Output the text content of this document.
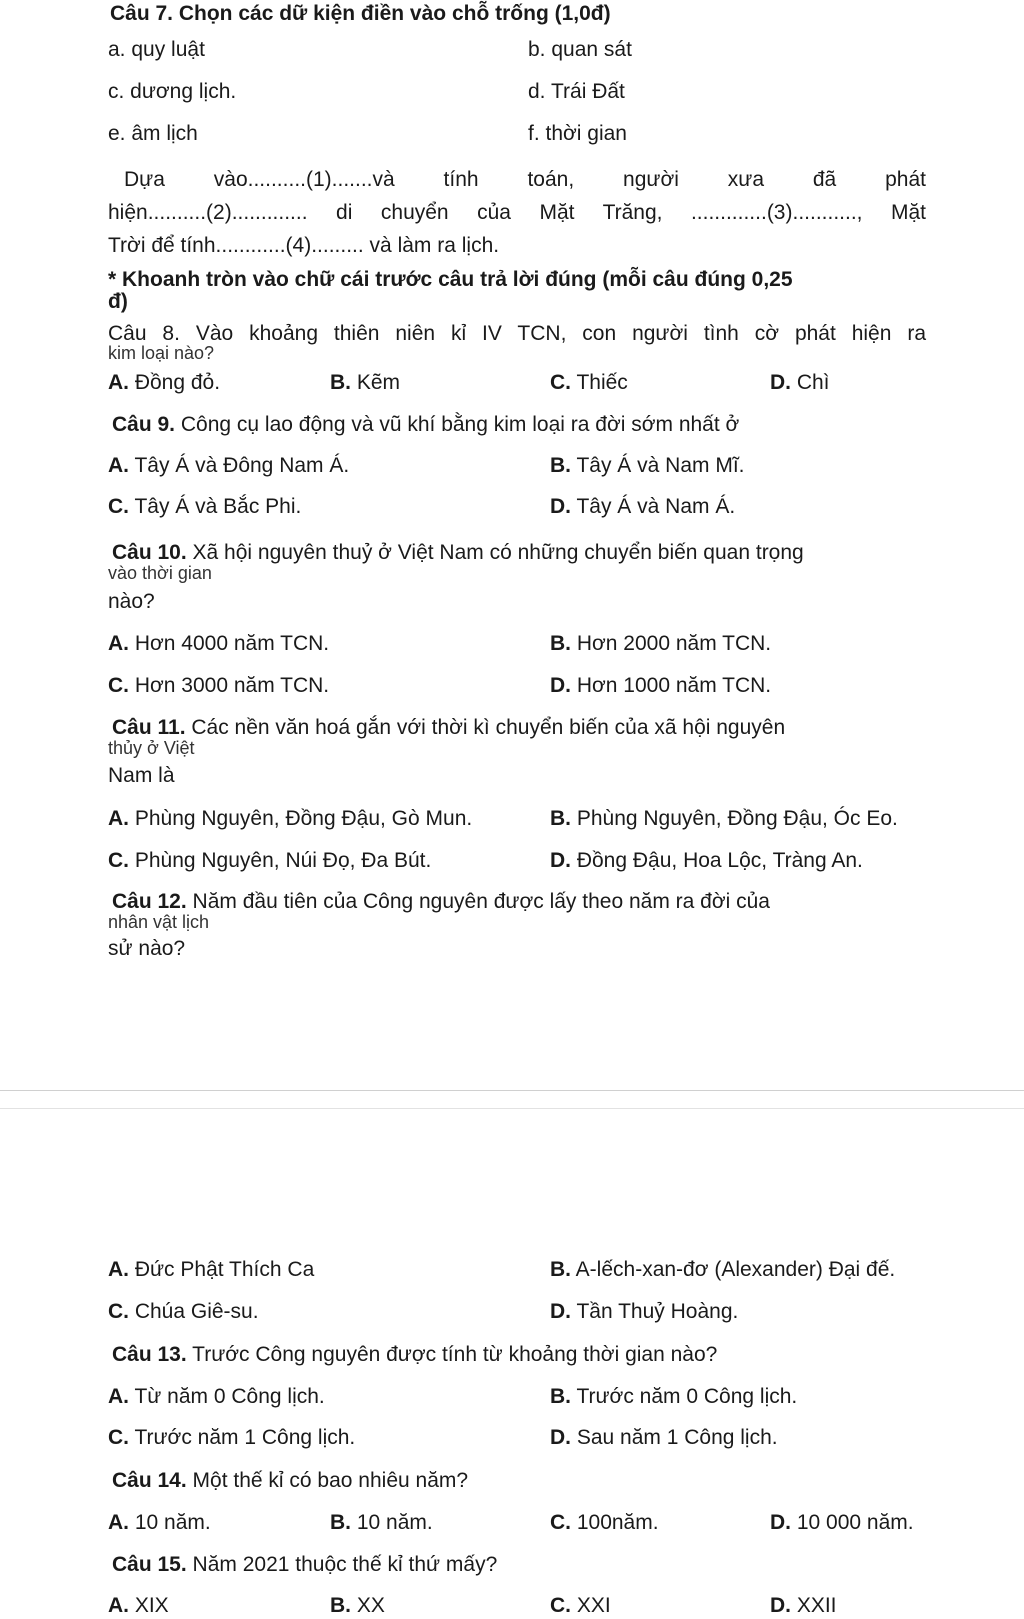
Câu 7. Chọn các dữ kiện điền vào chỗ trống (1,0đ)
a. quy luật	b. quan sát
c. dương lịch.	d. Trái Đất
e. âm lịch	f. thời gian
Dựa vào..........(1).......và tính toán, người xưa đã phát
hiện..........(2)............. di chuyển của Mặt Trăng, .............(3)..........., Mặt
Trời để tính............(4)......... và làm ra lịch.
* Khoanh tròn vào chữ cái trước câu trả lời đúng (mỗi câu đúng 0,25
đ)
Câu 8. Vào khoảng thiên niên kỉ IV TCN, con người tình cờ phát hiện ra
kim loại nào?
A. Đồng đỏ.	B. Kẽm	C. Thiếc	D. Chì
Câu 9. Công cụ lao động và vũ khí bằng kim loại ra đời sớm nhất ở
A. Tây Á và Đông Nam Á.	B. Tây Á và Nam Mĩ.
C. Tây Á và Bắc Phi.	D. Tây Á và Nam Á.
Câu 10. Xã hội nguyên thuỷ ở Việt Nam có những chuyển biến quan trọng
vào thời gian
nào?
A. Hơn 4000 năm TCN.	B. Hơn 2000 năm TCN.
C. Hơn 3000 năm TCN.	D. Hơn 1000 năm TCN.
Câu 11. Các nền văn hoá gắn với thời kì chuyển biến của xã hội nguyên
thủy ở Việt
Nam là
A. Phùng Nguyên, Đồng Đậu, Gò Mun.	B. Phùng Nguyên, Đồng Đậu, Óc Eo.
C. Phùng Nguyên, Núi Đọ, Đa Bút.	D. Đồng Đậu, Hoa Lộc, Tràng An.
Câu 12. Năm đầu tiên của Công nguyên được lấy theo năm ra đời của
nhân vật lịch
sử nào?
A. Đức Phật Thích Ca	B. A-lếch-xan-đơ (Alexander) Đại đế.
C. Chúa Giê-su.	D. Tần Thuỷ Hoàng.
Câu 13. Trước Công nguyên được tính từ khoảng thời gian nào?
A. Từ năm 0 Công lịch.	B. Trước năm 0 Công lịch.
C. Trước năm 1 Công lịch.	D. Sau năm 1 Công lịch.
Câu 14. Một thế kỉ có bao nhiêu năm?
A. 10 năm.	B. 10 năm.	C. 100năm.	D. 10 000 năm.
Câu 15. Năm 2021 thuộc thế kỉ thứ mấy?
A. XIX	B. XX	C. XXI	D. XXII
